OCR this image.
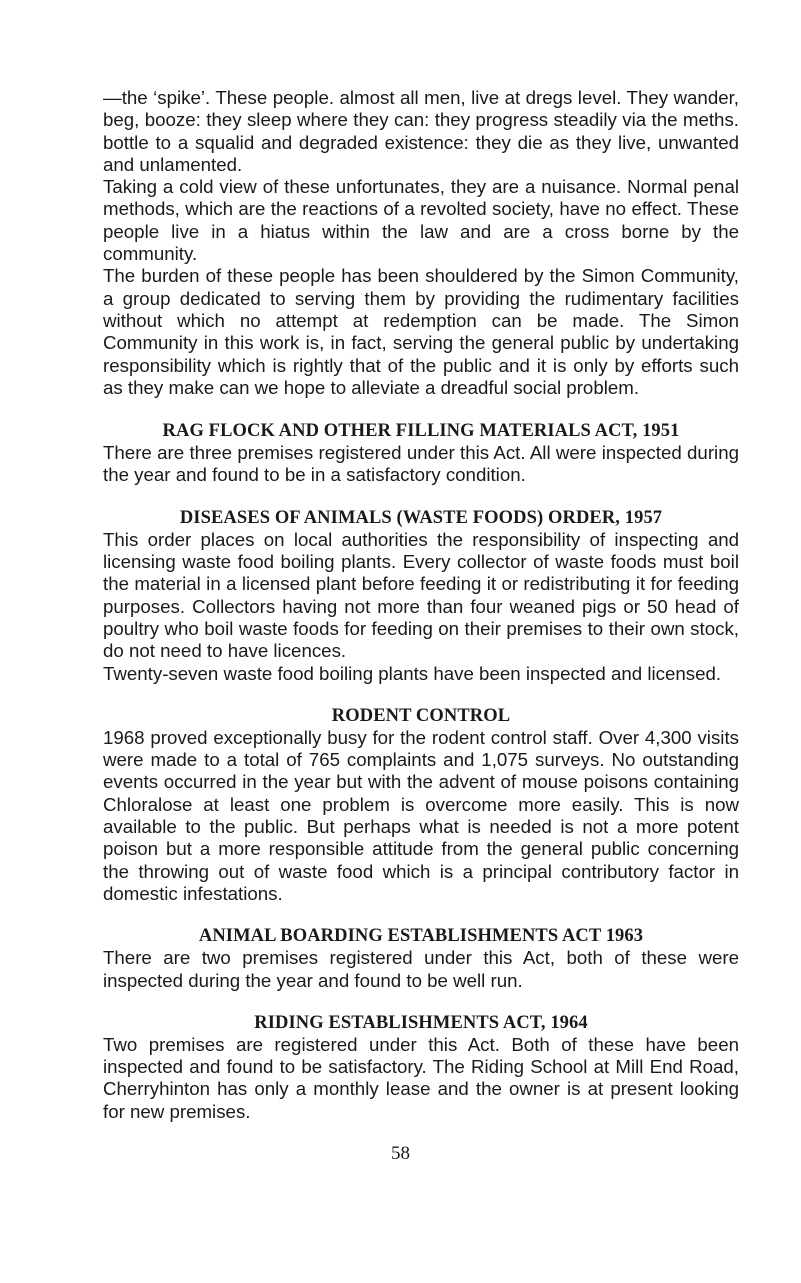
—the ‘spike’. These people. almost all men, live at dregs level. They wander, beg, booze: they sleep where they can: they progress steadily via the meths. bottle to a squalid and degraded existence: they die as they live, unwanted and unlamented.

Taking a cold view of these unfortunates, they are a nuisance. Normal penal methods, which are the reactions of a revolted society, have no effect. These people live in a hiatus within the law and are a cross borne by the community.

The burden of these people has been shouldered by the Simon Community, a group dedicated to serving them by providing the rudimentary facilities without which no attempt at redemption can be made. The Simon Community in this work is, in fact, serving the general public by undertaking responsibility which is rightly that of the public and it is only by efforts such as they make can we hope to alleviate a dreadful social problem.

RAG FLOCK AND OTHER FILLING MATERIALS ACT, 1951

There are three premises registered under this Act. All were inspected during the year and found to be in a satisfactory condition.

DISEASES OF ANIMALS (WASTE FOODS) ORDER, 1957

This order places on local authorities the responsibility of inspecting and licensing waste food boiling plants. Every collector of waste foods must boil the material in a licensed plant before feeding it or redistributing it for feeding purposes. Collectors having not more than four weaned pigs or 50 head of poultry who boil waste foods for feeding on their premises to their own stock, do not need to have licences.

Twenty-seven waste food boiling plants have been inspected and licensed.

RODENT CONTROL

1968 proved exceptionally busy for the rodent control staff. Over 4,300 visits were made to a total of 765 complaints and 1,075 surveys. No outstanding events occurred in the year but with the advent of mouse poisons containing Chloralose at least one problem is overcome more easily. This is now available to the public. But perhaps what is needed is not a more potent poison but a more responsible attitude from the general public concerning the throwing out of waste food which is a principal contributory factor in domestic infestations.

ANIMAL BOARDING ESTABLISHMENTS ACT 1963

There are two premises registered under this Act, both of these were inspected during the year and found to be well run.

RIDING ESTABLISHMENTS ACT, 1964

Two premises are registered under this Act. Both of these have been inspected and found to be satisfactory. The Riding School at Mill End Road, Cherryhinton has only a monthly lease and the owner is at present looking for new premises.

58
